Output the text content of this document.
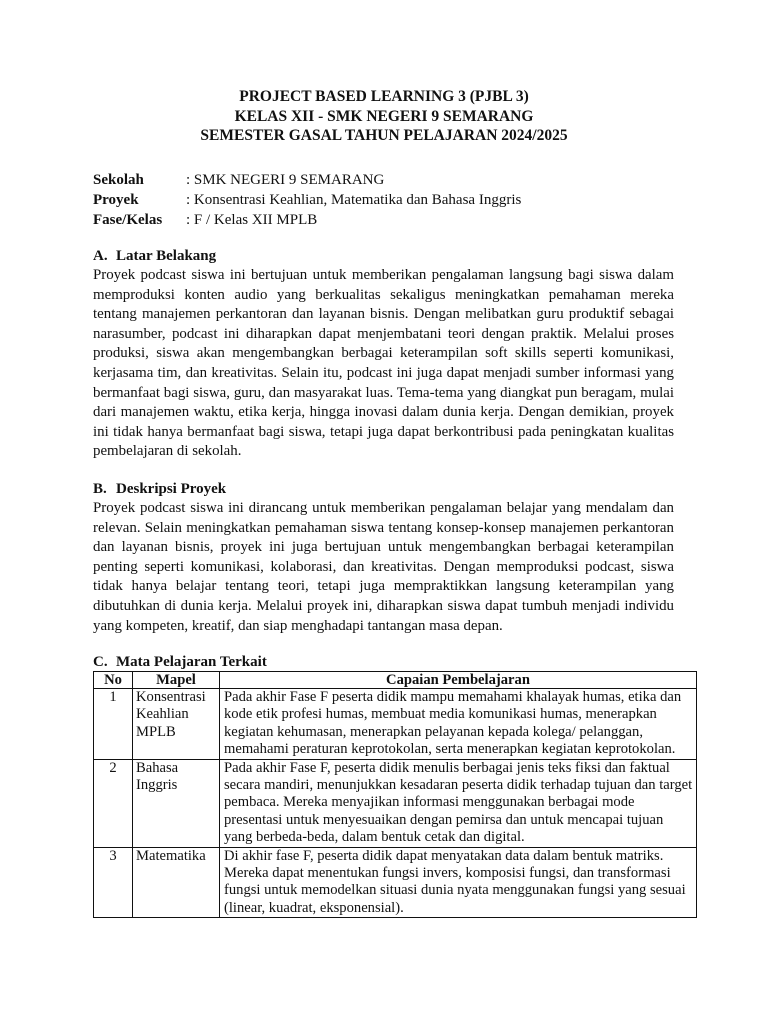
PROJECT BASED LEARNING 3 (PJBL 3)
KELAS XII - SMK NEGERI 9 SEMARANG
SEMESTER GASAL TAHUN PELAJARAN 2024/2025
Sekolah	: SMK NEGERI 9 SEMARANG
Proyek	: Konsentrasi Keahlian, Matematika dan Bahasa Inggris
Fase/Kelas	: F / Kelas XII MPLB
A. Latar Belakang

Proyek podcast siswa ini bertujuan untuk memberikan pengalaman langsung bagi siswa dalam memproduksi konten audio yang berkualitas sekaligus meningkatkan pemahaman mereka tentang manajemen perkantoran dan layanan bisnis. Dengan melibatkan guru produktif sebagai narasumber, podcast ini diharapkan dapat menjembatani teori dengan praktik. Melalui proses produksi, siswa akan mengembangkan berbagai keterampilan soft skills seperti komunikasi, kerjasama tim, dan kreativitas. Selain itu, podcast ini juga dapat menjadi sumber informasi yang bermanfaat bagi siswa, guru, dan masyarakat luas. Tema-tema yang diangkat pun beragam, mulai dari manajemen waktu, etika kerja, hingga inovasi dalam dunia kerja. Dengan demikian, proyek ini tidak hanya bermanfaat bagi siswa, tetapi juga dapat berkontribusi pada peningkatan kualitas pembelajaran di sekolah.

B. Deskripsi Proyek

Proyek podcast siswa ini dirancang untuk memberikan pengalaman belajar yang mendalam dan relevan. Selain meningkatkan pemahaman siswa tentang konsep-konsep manajemen perkantoran dan layanan bisnis, proyek ini juga bertujuan untuk mengembangkan berbagai keterampilan penting seperti komunikasi, kolaborasi, dan kreativitas. Dengan memproduksi podcast, siswa tidak hanya belajar tentang teori, tetapi juga mempraktikkan langsung keterampilan yang dibutuhkan di dunia kerja. Melalui proyek ini, diharapkan siswa dapat tumbuh menjadi individu yang kompeten, kreatif, dan siap menghadapi tantangan masa depan.

C. Mata Pelajaran Terkait
No	Mapel	Capaian Pembelajaran
1	Konsentrasi Keahlian MPLB	Pada akhir Fase F peserta didik mampu memahami khalayak humas, etika dan kode etik profesi humas, membuat media komunikasi humas, menerapkan kegiatan kehumasan, menerapkan pelayanan kepada kolega/ pelanggan, memahami peraturan keprotokolan, serta menerapkan kegiatan keprotokolan.
2	Bahasa Inggris	Pada akhir Fase F, peserta didik menulis berbagai jenis teks fiksi dan faktual secara mandiri, menunjukkan kesadaran peserta didik terhadap tujuan dan target pembaca. Mereka menyajikan informasi menggunakan berbagai mode presentasi untuk menyesuaikan dengan pemirsa dan untuk mencapai tujuan yang berbeda-beda, dalam bentuk cetak dan digital.
3	Matematika	Di akhir fase F, peserta didik dapat menyatakan data dalam bentuk matriks. Mereka dapat menentukan fungsi invers, komposisi fungsi, dan transformasi fungsi untuk memodelkan situasi dunia nyata menggunakan fungsi yang sesuai (linear, kuadrat, eksponensial).
